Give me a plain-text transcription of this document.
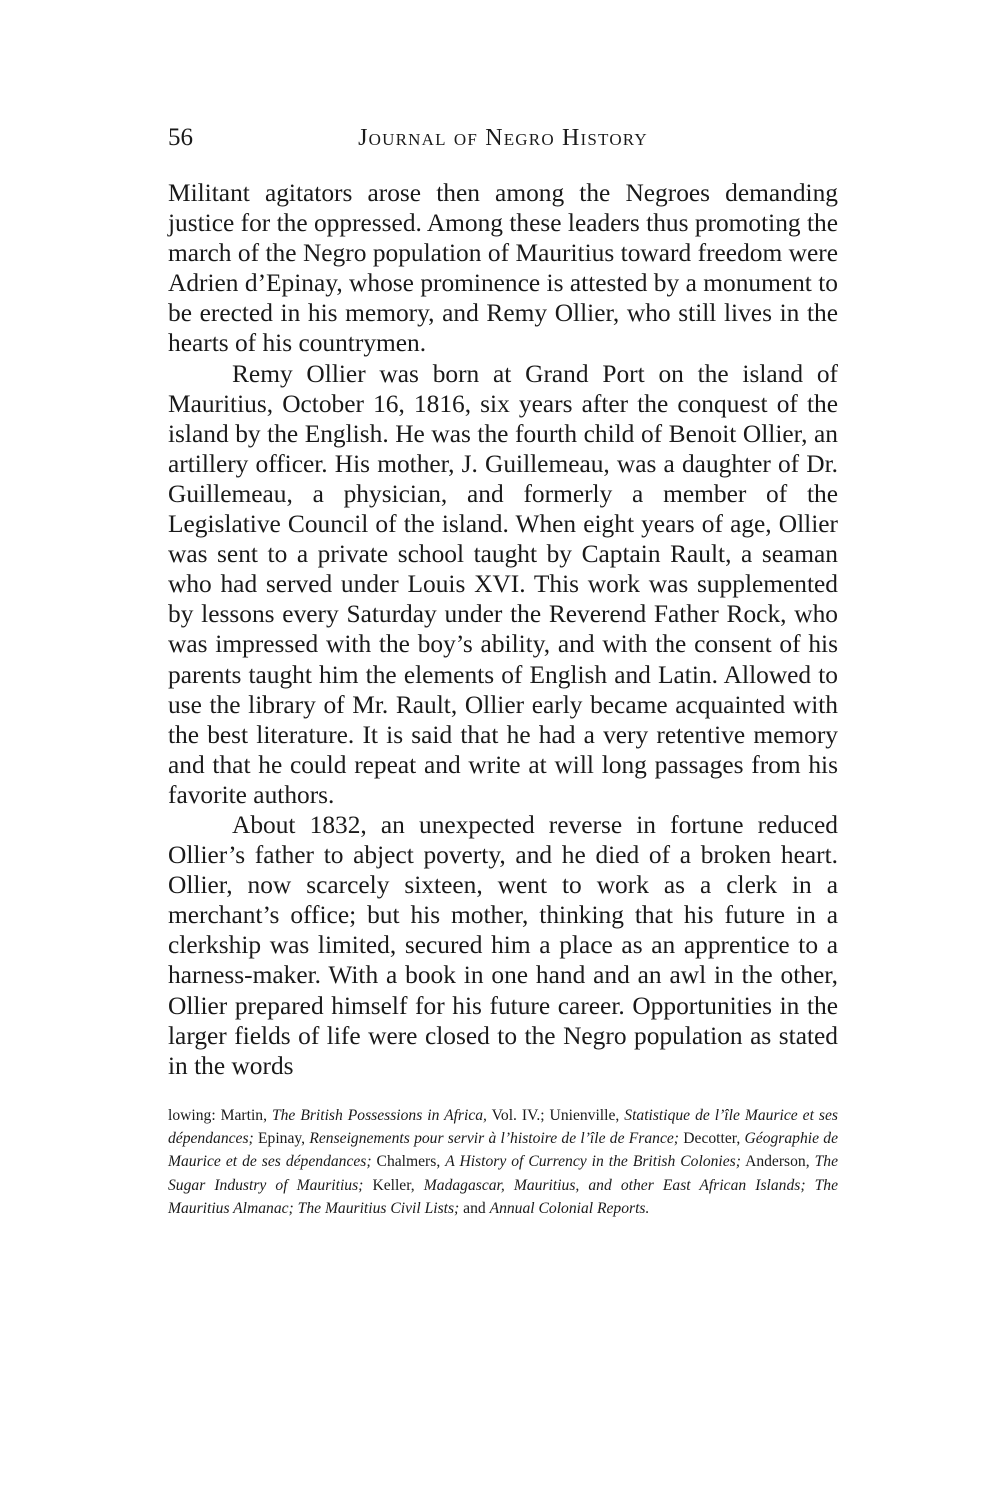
56	Journal of Negro History

Militant agitators arose then among the Negroes demanding justice for the oppressed. Among these leaders thus promoting the march of the Negro population of Mauritius toward freedom were Adrien d’Epinay, whose prominence is attested by a monument to be erected in his memory, and Remy Ollier, who still lives in the hearts of his countrymen.

Remy Ollier was born at Grand Port on the island of Mauritius, October 16, 1816, six years after the conquest of the island by the English. He was the fourth child of Benoit Ollier, an artillery officer. His mother, J. Guillemeau, was a daughter of Dr. Guillemeau, a physician, and formerly a member of the Legislative Council of the island. When eight years of age, Ollier was sent to a private school taught by Captain Rault, a seaman who had served under Louis XVI. This work was supplemented by lessons every Saturday under the Reverend Father Rock, who was impressed with the boy’s ability, and with the consent of his parents taught him the elements of English and Latin. Allowed to use the library of Mr. Rault, Ollier early became acquainted with the best literature. It is said that he had a very retentive memory and that he could repeat and write at will long passages from his favorite authors.

About 1832, an unexpected reverse in fortune reduced Ollier’s father to abject poverty, and he died of a broken heart. Ollier, now scarcely sixteen, went to work as a clerk in a merchant’s office; but his mother, thinking that his future in a clerkship was limited, secured him a place as an apprentice to a harness-maker. With a book in one hand and an awl in the other, Ollier prepared himself for his future career. Opportunities in the larger fields of life were closed to the Negro population as stated in the words

lowing: Martin, The British Possessions in Africa, Vol. IV.; Unienville, Statistique de l’île Maurice et ses dépendances; Epinay, Renseignements pour servir à l’histoire de l’île de France; Decotter, Géographie de Maurice et de ses dépendances; Chalmers, A History of Currency in the British Colonies; Anderson, The Sugar Industry of Mauritius; Keller, Madagascar, Mauritius, and other East African Islands; The Mauritius Almanac; The Mauritius Civil Lists; and Annual Colonial Reports.
